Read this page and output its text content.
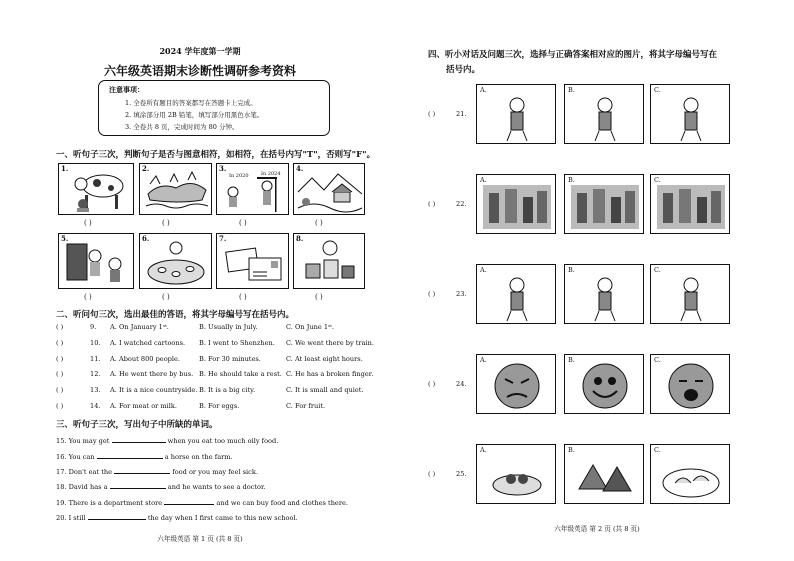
2024 学年度第一学期
六年级英语期末诊断性调研参考资料
注意事项：
1. 全卷所有题目的答案都写在答题卡上完成。
2. 填涂部分用 2B 铅笔，填写部分用黑色水笔。
3. 全卷共 8 页，完成时间为 80 分钟。
一、听句子三次，判断句子是否与图意相符，如相符，在括号内写"T"，否则写"F"。
1.	2.	3.
In 2020 In 2024
4.
( )	( )	( )	( )
5.	6.	7.	8.
( )	( )	( )	( )
二、听问句三次，选出最佳的答语，将其字母编号写在括号内。
( )	9. A. On January 1ˢᵗ.	B. Usually in July.	C. On June 1ˢᵗ.
( )	10. A. I watched cartoons. B. I went to Shenzhen. C. We went there by train.
( )	11. A. About 800 people.	B. For 30 minutes.	C. At least eight hours.
( )	12. A. He went there by bus. B. He should take a rest. C. He has a broken finger.
( )	13. A. It is a nice countryside. B. It is a big city.	C. It is small and quiet.
( )	14. A. For meat or milk.	B. For eggs.	C. For fruit.
三、听句子三次，写出句子中所缺的单词。
15. You may get	when you eat too much oily food.
16. You can	a horse on the farm.
17. Don't eat the	food or you may feel sick.
18. David has a	and he wants to see a doctor.
19. There is a department store	and we can buy food and clothes there.
20. I still	the day when I first came to this new school.
六年级英语 第 1 页 (共 8 页)
四、听小对话及问题三次，选择与正确答案相对应的图片，将其字母编号写在
括号内。
( )	21.
A.	B.	C.
( )	22.
A.	B.	C.
( )	23.
A.	B.	C.
( )	24.
A.	B.	C.
( )	25.
A.	B.	C.
六年级英语 第 2 页 (共 8 页)
